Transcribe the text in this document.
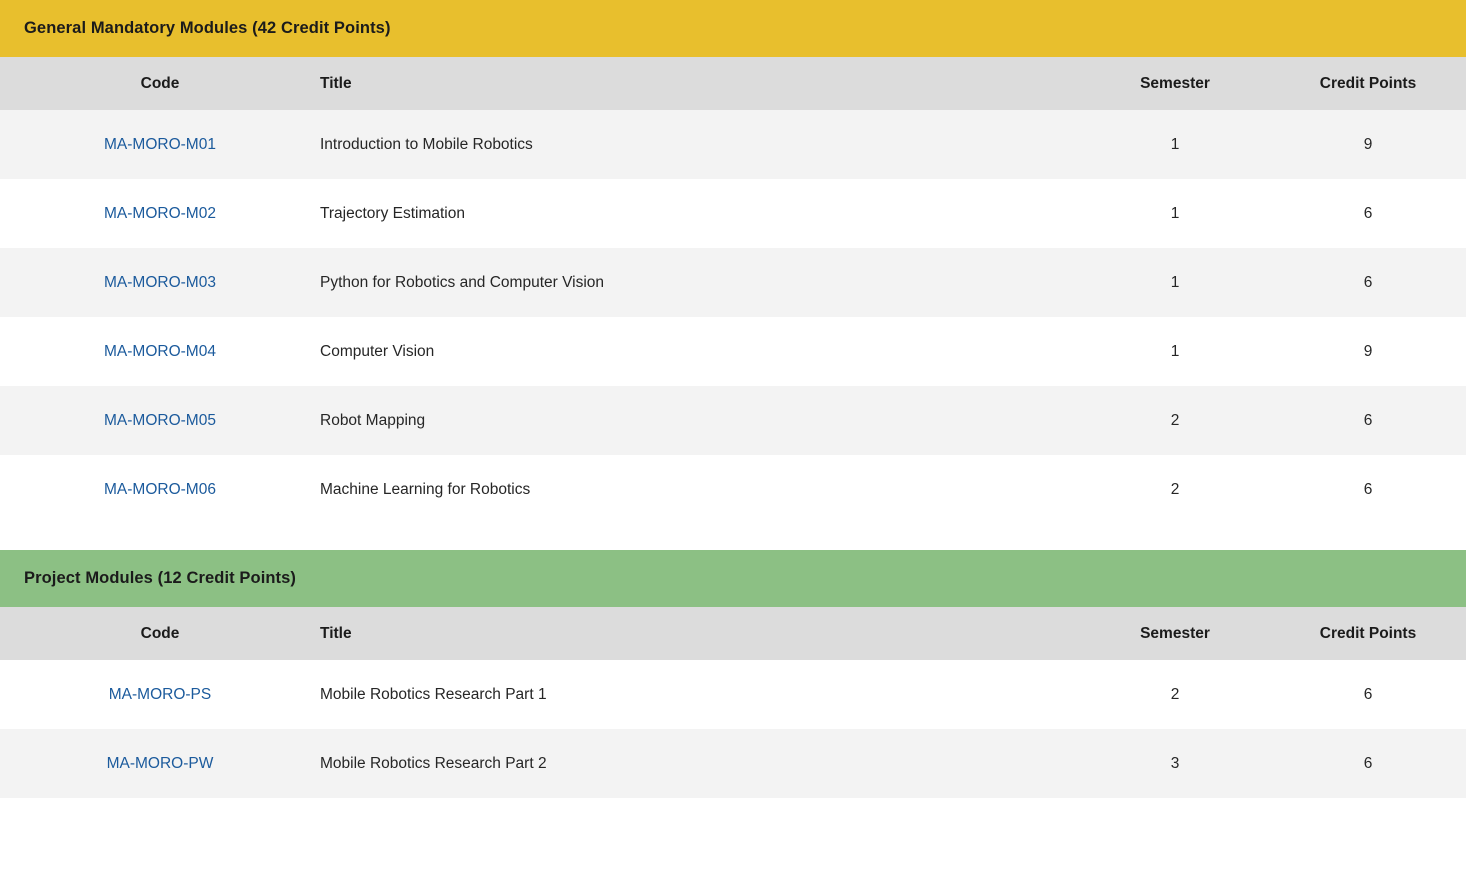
General Mandatory Modules (42 Credit Points)
Code	Title	Semester	Credit Points
MA-MORO-M01	Introduction to Mobile Robotics	1	9
MA-MORO-M02	Trajectory Estimation	1	6
MA-MORO-M03	Python for Robotics and Computer Vision	1	6
MA-MORO-M04	Computer Vision	1	9
MA-MORO-M05	Robot Mapping	2	6
MA-MORO-M06	Machine Learning for Robotics	2	6
Project Modules (12 Credit Points)
Code	Title	Semester	Credit Points
MA-MORO-PS	Mobile Robotics Research Part 1	2	6
MA-MORO-PW	Mobile Robotics Research Part 2	3	6
